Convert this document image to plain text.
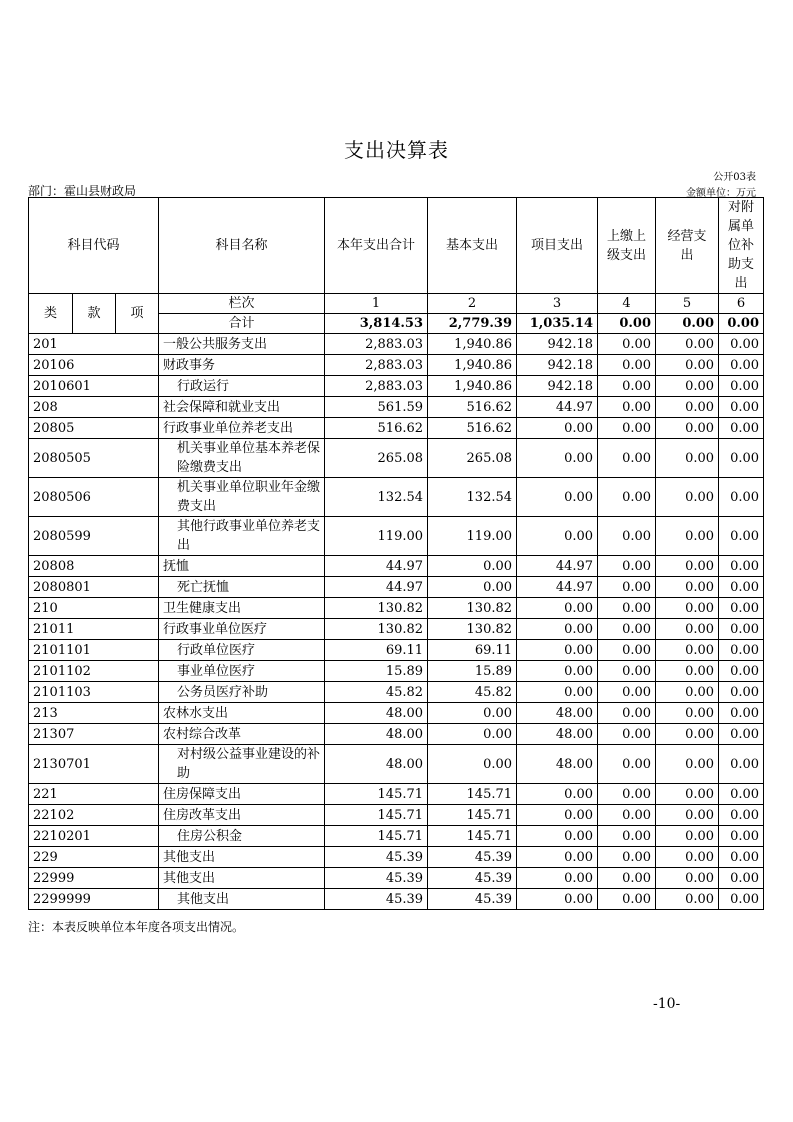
支出决算表
公开03表
部门：霍山县财政局	金额单位：万元
科目代码			科目名称	本年支出合计	基本支出	项目支出	上缴上级支出	经营支出	对附属单位补助支出
类	款	项	栏次	1	2	3	4	5	6
			合计	3,814.53	2,779.39	1,035.14	0.00	0.00	0.00
201			一般公共服务支出	2,883.03	1,940.86	942.18	0.00	0.00	0.00
20106			财政事务	2,883.03	1,940.86	942.18	0.00	0.00	0.00
2010601			行政运行	2,883.03	1,940.86	942.18	0.00	0.00	0.00
208			社会保障和就业支出	561.59	516.62	44.97	0.00	0.00	0.00
20805			行政事业单位养老支出	516.62	516.62	0.00	0.00	0.00	0.00
2080505			机关事业单位基本养老保险缴费支出	265.08	265.08	0.00	0.00	0.00	0.00
2080506			机关事业单位职业年金缴费支出	132.54	132.54	0.00	0.00	0.00	0.00
2080599			其他行政事业单位养老支出	119.00	119.00	0.00	0.00	0.00	0.00
20808			抚恤	44.97	0.00	44.97	0.00	0.00	0.00
2080801			死亡抚恤	44.97	0.00	44.97	0.00	0.00	0.00
210			卫生健康支出	130.82	130.82	0.00	0.00	0.00	0.00
21011			行政事业单位医疗	130.82	130.82	0.00	0.00	0.00	0.00
2101101			行政单位医疗	69.11	69.11	0.00	0.00	0.00	0.00
2101102			事业单位医疗	15.89	15.89	0.00	0.00	0.00	0.00
2101103			公务员医疗补助	45.82	45.82	0.00	0.00	0.00	0.00
213			农林水支出	48.00	0.00	48.00	0.00	0.00	0.00
21307			农村综合改革	48.00	0.00	48.00	0.00	0.00	0.00
2130701			对村级公益事业建设的补助	48.00	0.00	48.00	0.00	0.00	0.00
221			住房保障支出	145.71	145.71	0.00	0.00	0.00	0.00
22102			住房改革支出	145.71	145.71	0.00	0.00	0.00	0.00
2210201			住房公积金	145.71	145.71	0.00	0.00	0.00	0.00
229			其他支出	45.39	45.39	0.00	0.00	0.00	0.00
22999			其他支出	45.39	45.39	0.00	0.00	0.00	0.00
2299999			其他支出	45.39	45.39	0.00	0.00	0.00	0.00
注：本表反映单位本年度各项支出情况。
-10-
